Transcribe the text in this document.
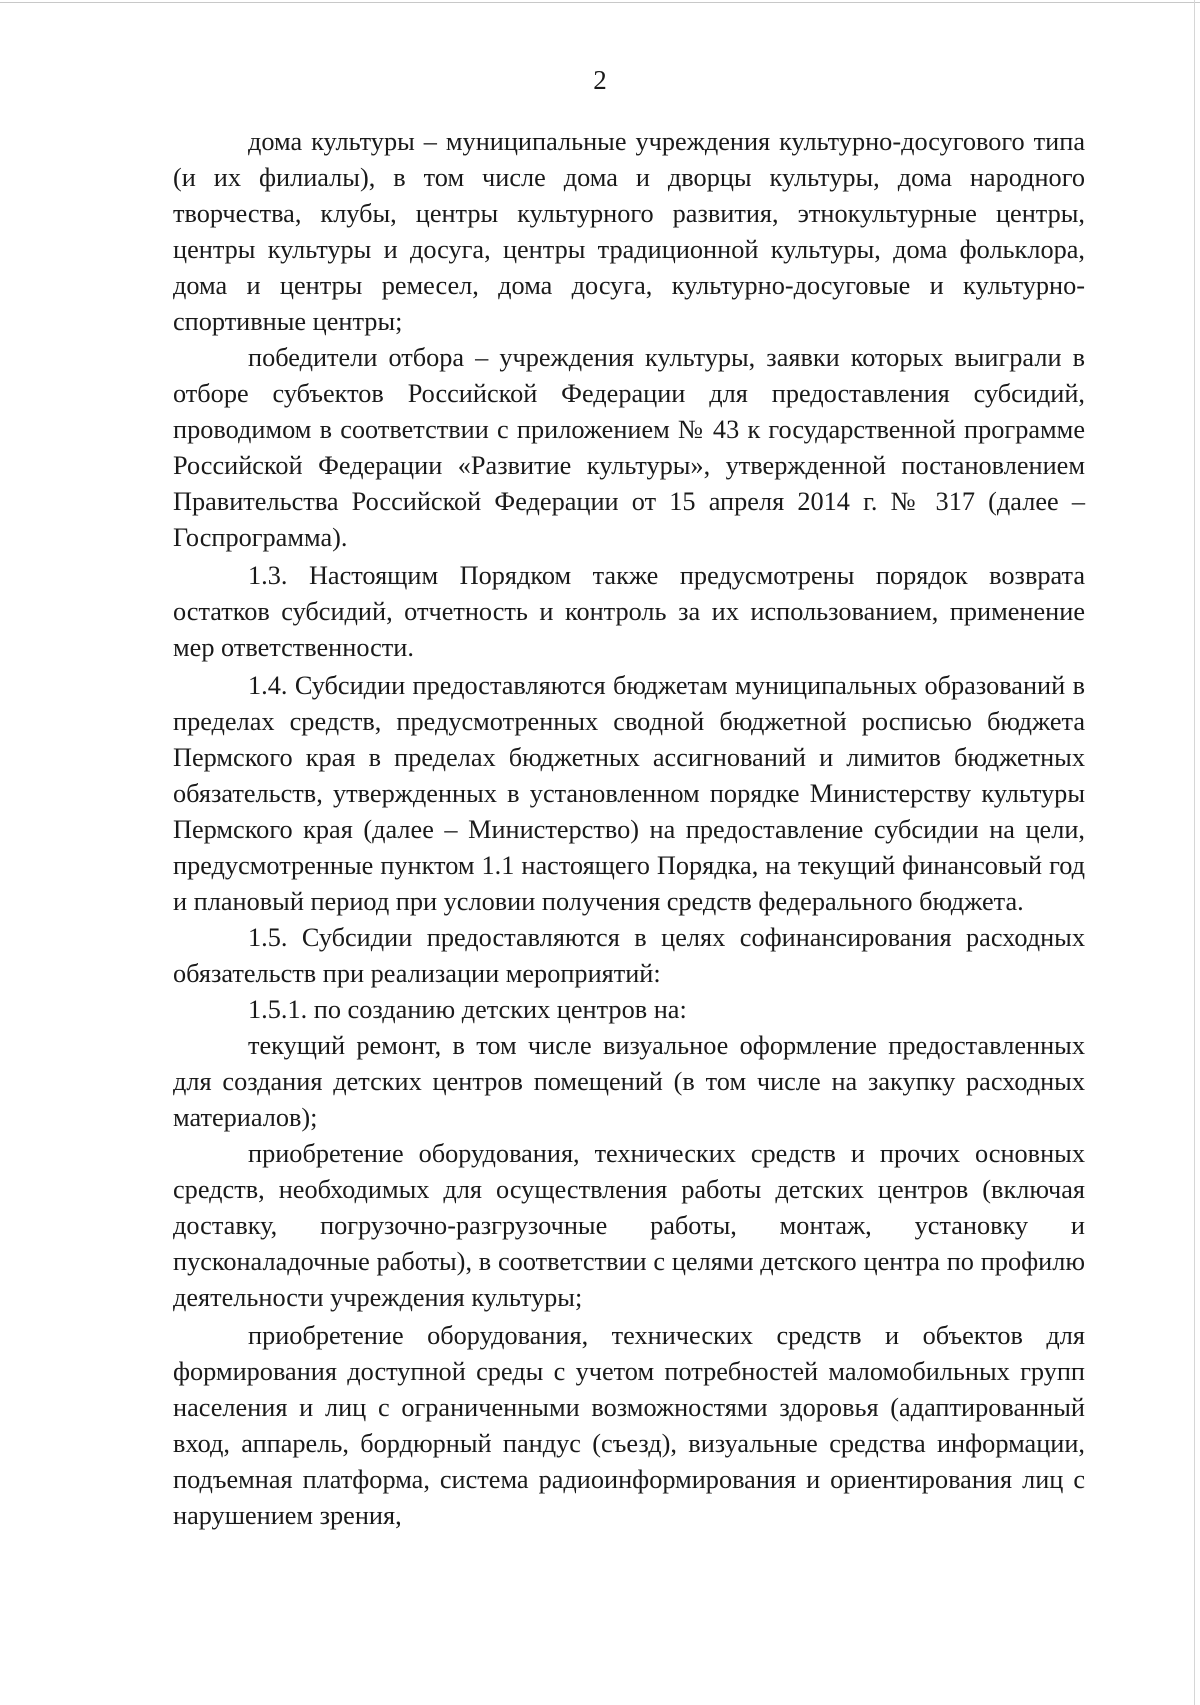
2

дома культуры – муниципальные учреждения культурно-досугового типа (и их филиалы), в том числе дома и дворцы культуры, дома народного творчества, клубы, центры культурного развития, этнокультурные центры, центры культуры и досуга, центры традиционной культуры, дома фольклора, дома и центры ремесел, дома досуга, культурно-досуговые и культурно-спортивные центры;

победители отбора – учреждения культуры, заявки которых выиграли в отборе субъектов Российской Федерации для предоставления субсидий, проводимом в соответствии с приложением № 43 к государственной программе Российской Федерации «Развитие культуры», утвержденной постановлением Правительства Российской Федерации от 15 апреля 2014 г. № 317 (далее – Госпрограмма).

1.3. Настоящим Порядком также предусмотрены порядок возврата остатков субсидий, отчетность и контроль за их использованием, применение мер ответственности.

1.4. Субсидии предоставляются бюджетам муниципальных образований в пределах средств, предусмотренных сводной бюджетной росписью бюджета Пермского края в пределах бюджетных ассигнований и лимитов бюджетных обязательств, утвержденных в установленном порядке Министерству культуры Пермского края (далее – Министерство) на предоставление субсидии на цели, предусмотренные пунктом 1.1 настоящего Порядка, на текущий финансовый год и плановый период при условии получения средств федерального бюджета.

1.5. Субсидии предоставляются в целях софинансирования расходных обязательств при реализации мероприятий:

1.5.1. по созданию детских центров на:

текущий ремонт, в том числе визуальное оформление предоставленных для создания детских центров помещений (в том числе на закупку расходных материалов);

приобретение оборудования, технических средств и прочих основных средств, необходимых для осуществления работы детских центров (включая доставку, погрузочно-разгрузочные работы, монтаж, установку и пусконаладочные работы), в соответствии с целями детского центра по профилю деятельности учреждения культуры;

приобретение оборудования, технических средств и объектов для формирования доступной среды с учетом потребностей маломобильных групп населения и лиц с ограниченными возможностями здоровья (адаптированный вход, аппарель, бордюрный пандус (съезд), визуальные средства информации, подъемная платформа, система радиоинформирования и ориентирования лиц с нарушением зрения,
